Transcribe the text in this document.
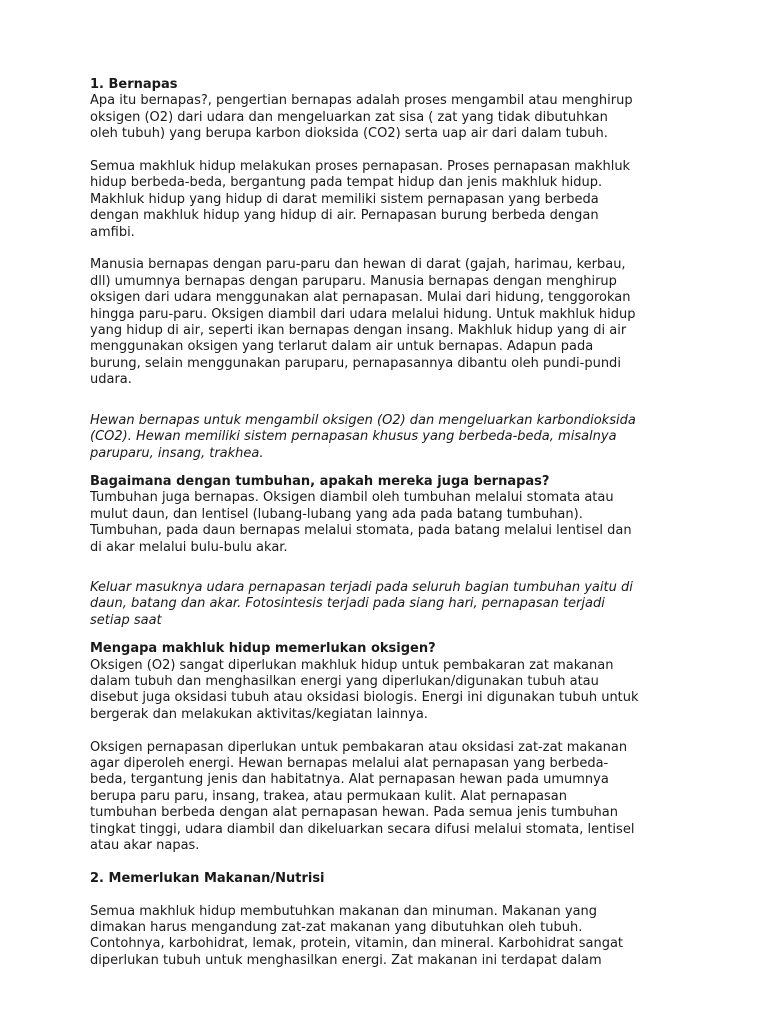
1. Bernapas

Apa itu bernapas?, pengertian bernapas adalah proses mengambil atau menghirup
oksigen (O2) dari udara dan mengeluarkan zat sisa ( zat yang tidak dibutuhkan
oleh tubuh) yang berupa karbon dioksida (CO2) serta uap air dari dalam tubuh.

Semua makhluk hidup melakukan proses pernapasan. Proses pernapasan makhluk
hidup berbeda-beda, bergantung pada tempat hidup dan jenis makhluk hidup.
Makhluk hidup yang hidup di darat memiliki sistem pernapasan yang berbeda
dengan makhluk hidup yang hidup di air. Pernapasan burung berbeda dengan
amfibi.

Manusia bernapas dengan paru-paru dan hewan di darat (gajah, harimau, kerbau,
dll) umumnya bernapas dengan paruparu. Manusia bernapas dengan menghirup
oksigen dari udara menggunakan alat pernapasan. Mulai dari hidung, tenggorokan
hingga paru-paru. Oksigen diambil dari udara melalui hidung. Untuk makhluk hidup
yang hidup di air, seperti ikan bernapas dengan insang. Makhluk hidup yang di air
menggunakan oksigen yang terlarut dalam air untuk bernapas. Adapun pada
burung, selain menggunakan paruparu, pernapasannya dibantu oleh pundi-pundi
udara.

Hewan bernapas untuk mengambil oksigen (O2) dan mengeluarkan karbondioksida
(CO2). Hewan memiliki sistem pernapasan khusus yang berbeda-beda, misalnya
paruparu, insang, trakhea.

Bagaimana dengan tumbuhan, apakah mereka juga bernapas?

Tumbuhan juga bernapas. Oksigen diambil oleh tumbuhan melalui stomata atau
mulut daun, dan lentisel (lubang-lubang yang ada pada batang tumbuhan).
Tumbuhan, pada daun bernapas melalui stomata, pada batang melalui lentisel dan
di akar melalui bulu-bulu akar.

Keluar masuknya udara pernapasan terjadi pada seluruh bagian tumbuhan yaitu di
daun, batang dan akar. Fotosintesis terjadi pada siang hari, pernapasan terjadi
setiap saat

Mengapa makhluk hidup memerlukan oksigen?

Oksigen (O2) sangat diperlukan makhluk hidup untuk pembakaran zat makanan
dalam tubuh dan menghasilkan energi yang diperlukan/digunakan tubuh atau
disebut juga oksidasi tubuh atau oksidasi biologis. Energi ini digunakan tubuh untuk
bergerak dan melakukan aktivitas/kegiatan lainnya.

Oksigen pernapasan diperlukan untuk pembakaran atau oksidasi zat-zat makanan
agar diperoleh energi. Hewan bernapas melalui alat pernapasan yang berbeda-
beda, tergantung jenis dan habitatnya. Alat pernapasan hewan pada umumnya
berupa paru paru, insang, trakea, atau permukaan kulit. Alat pernapasan
tumbuhan berbeda dengan alat pernapasan hewan. Pada semua jenis tumbuhan
tingkat tinggi, udara diambil dan dikeluarkan secara difusi melalui stomata, lentisel
atau akar napas.

2. Memerlukan Makanan/Nutrisi

Semua makhluk hidup membutuhkan makanan dan minuman. Makanan yang
dimakan harus mengandung zat-zat makanan yang dibutuhkan oleh tubuh.
Contohnya, karbohidrat, lemak, protein, vitamin, dan mineral. Karbohidrat sangat
diperlukan tubuh untuk menghasilkan energi. Zat makanan ini terdapat dalam
